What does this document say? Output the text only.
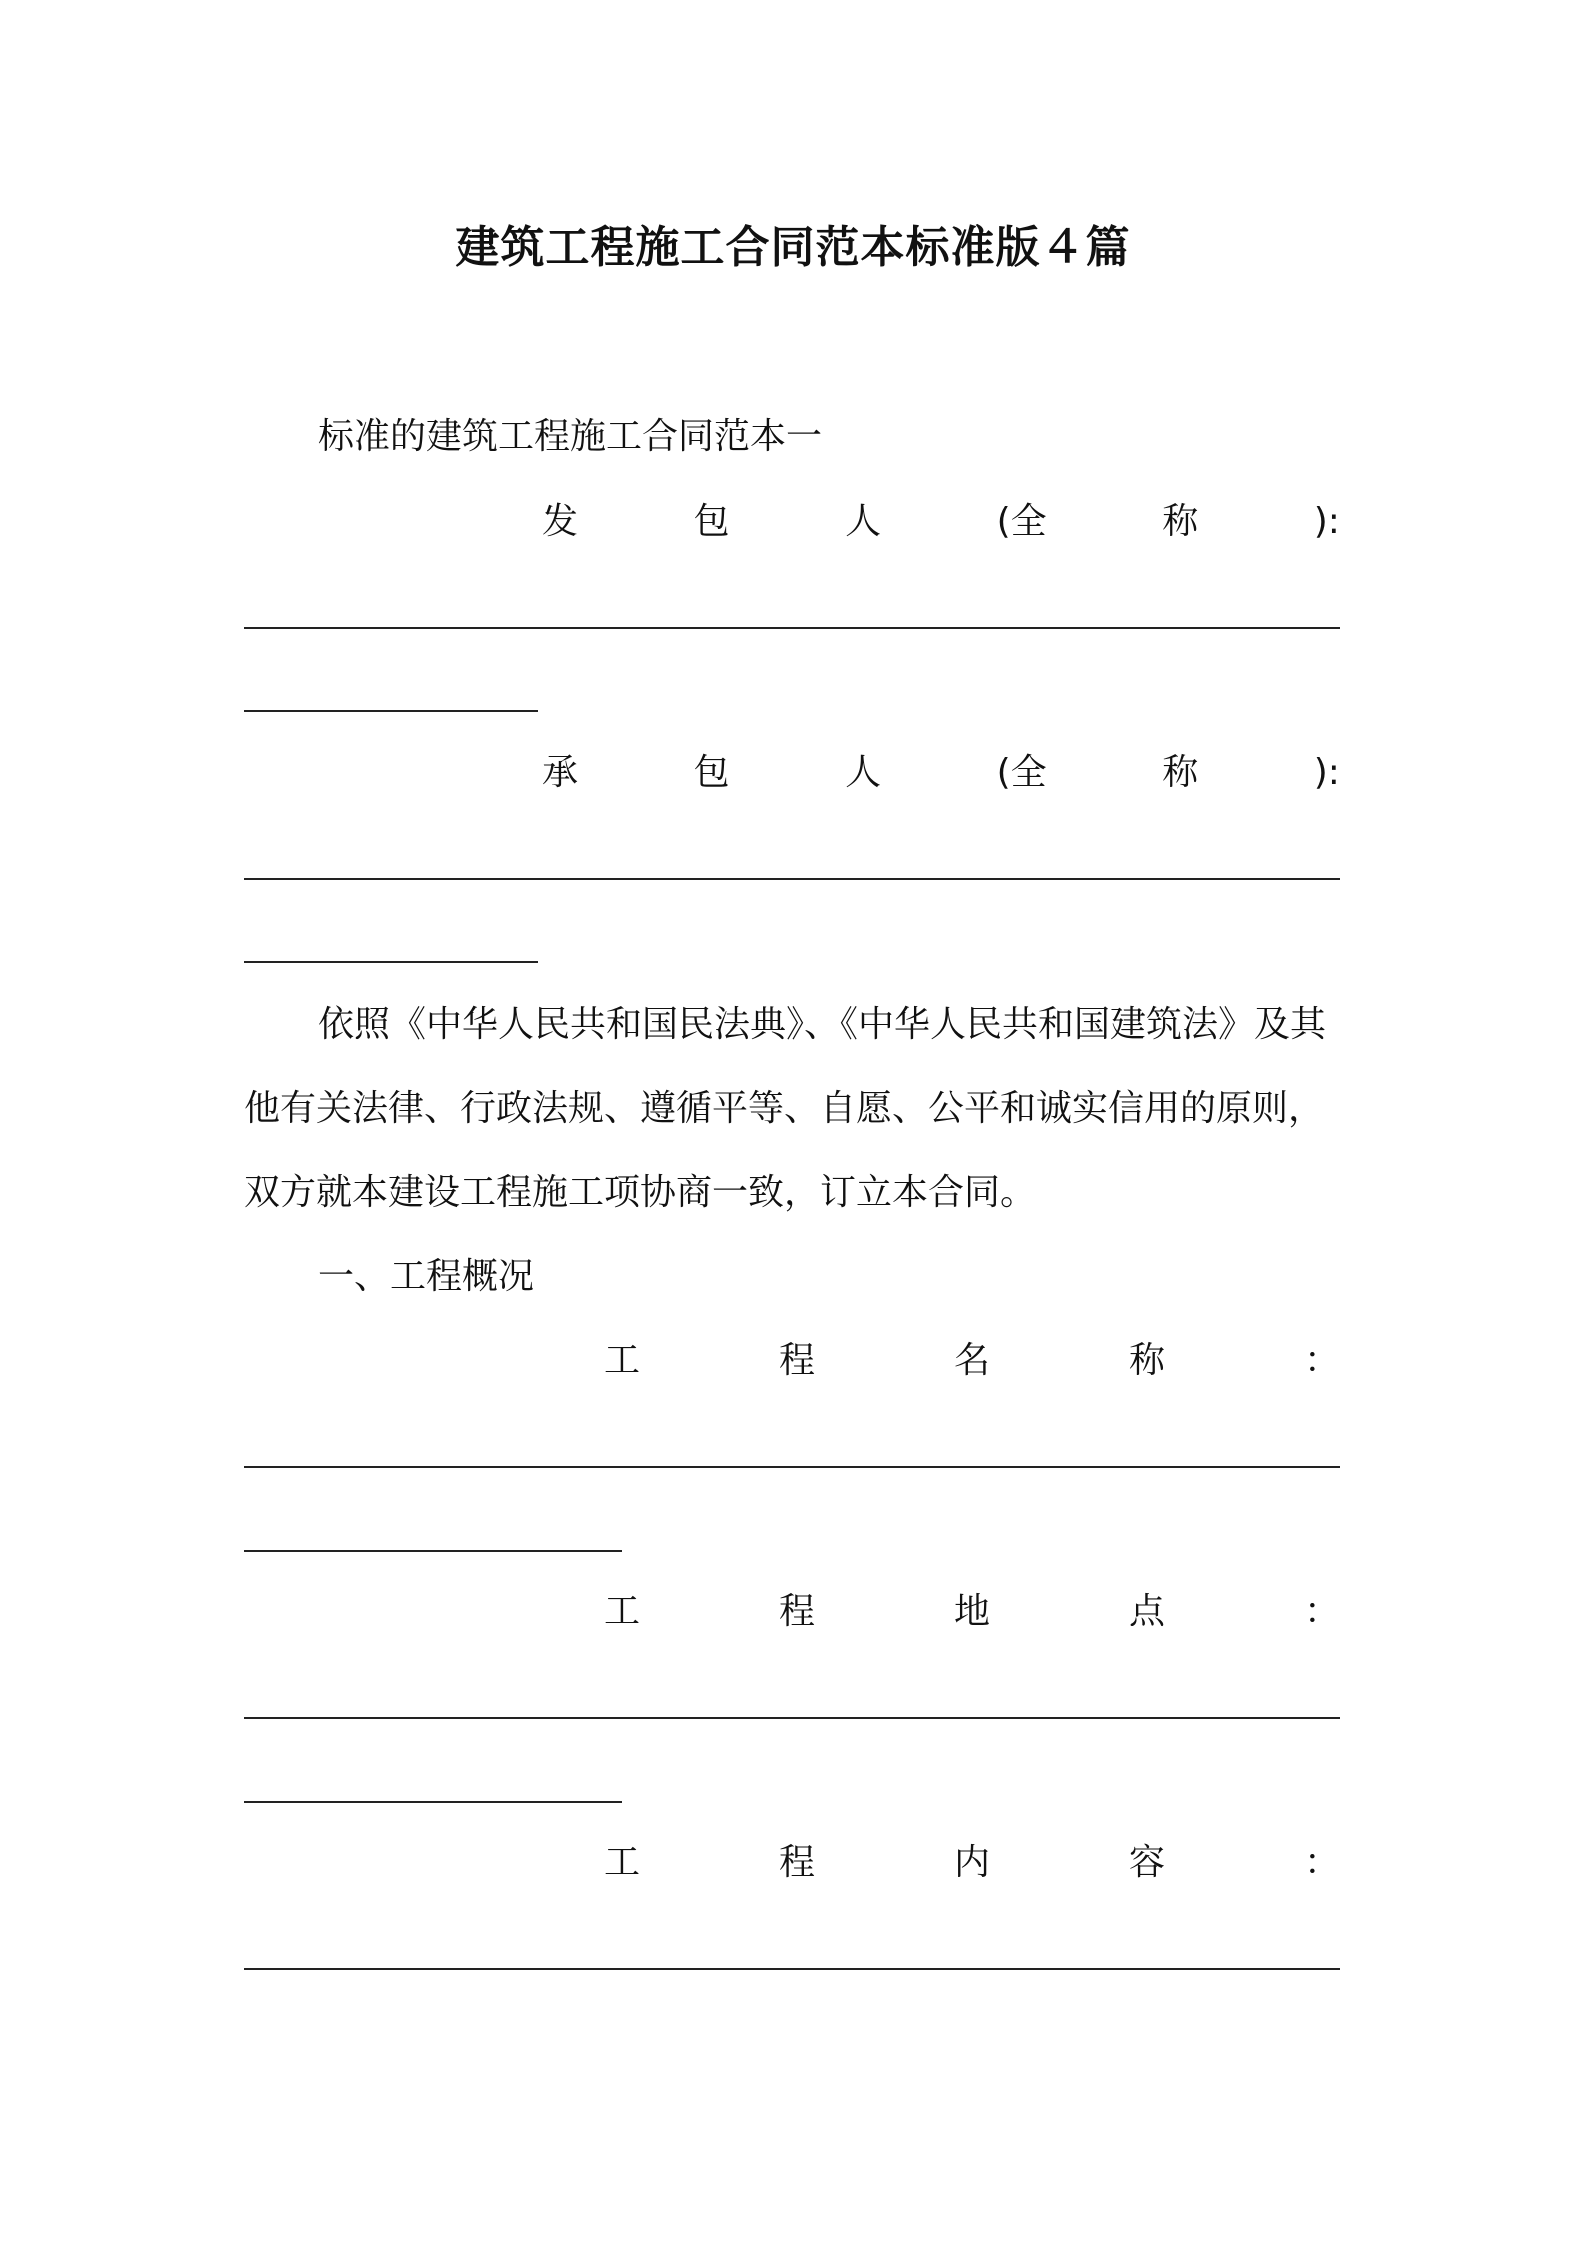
建筑工程施工合同范本标准版４篇
标准的建筑工程施工合同范本一
发	包	人	(全	称	):
承	包	人	(全	称	):
依照《中华人民共和国民法典》、《中华人民共和国建筑法》及其
他有关法律、行政法规、遵循平等、自愿、公平和诚实信用的原则，
双方就本建设工程施工项协商一致，订立本合同。
一、工程概况
工	程	名	称	：
工	程	地	点	：
工	程	内	容	：
